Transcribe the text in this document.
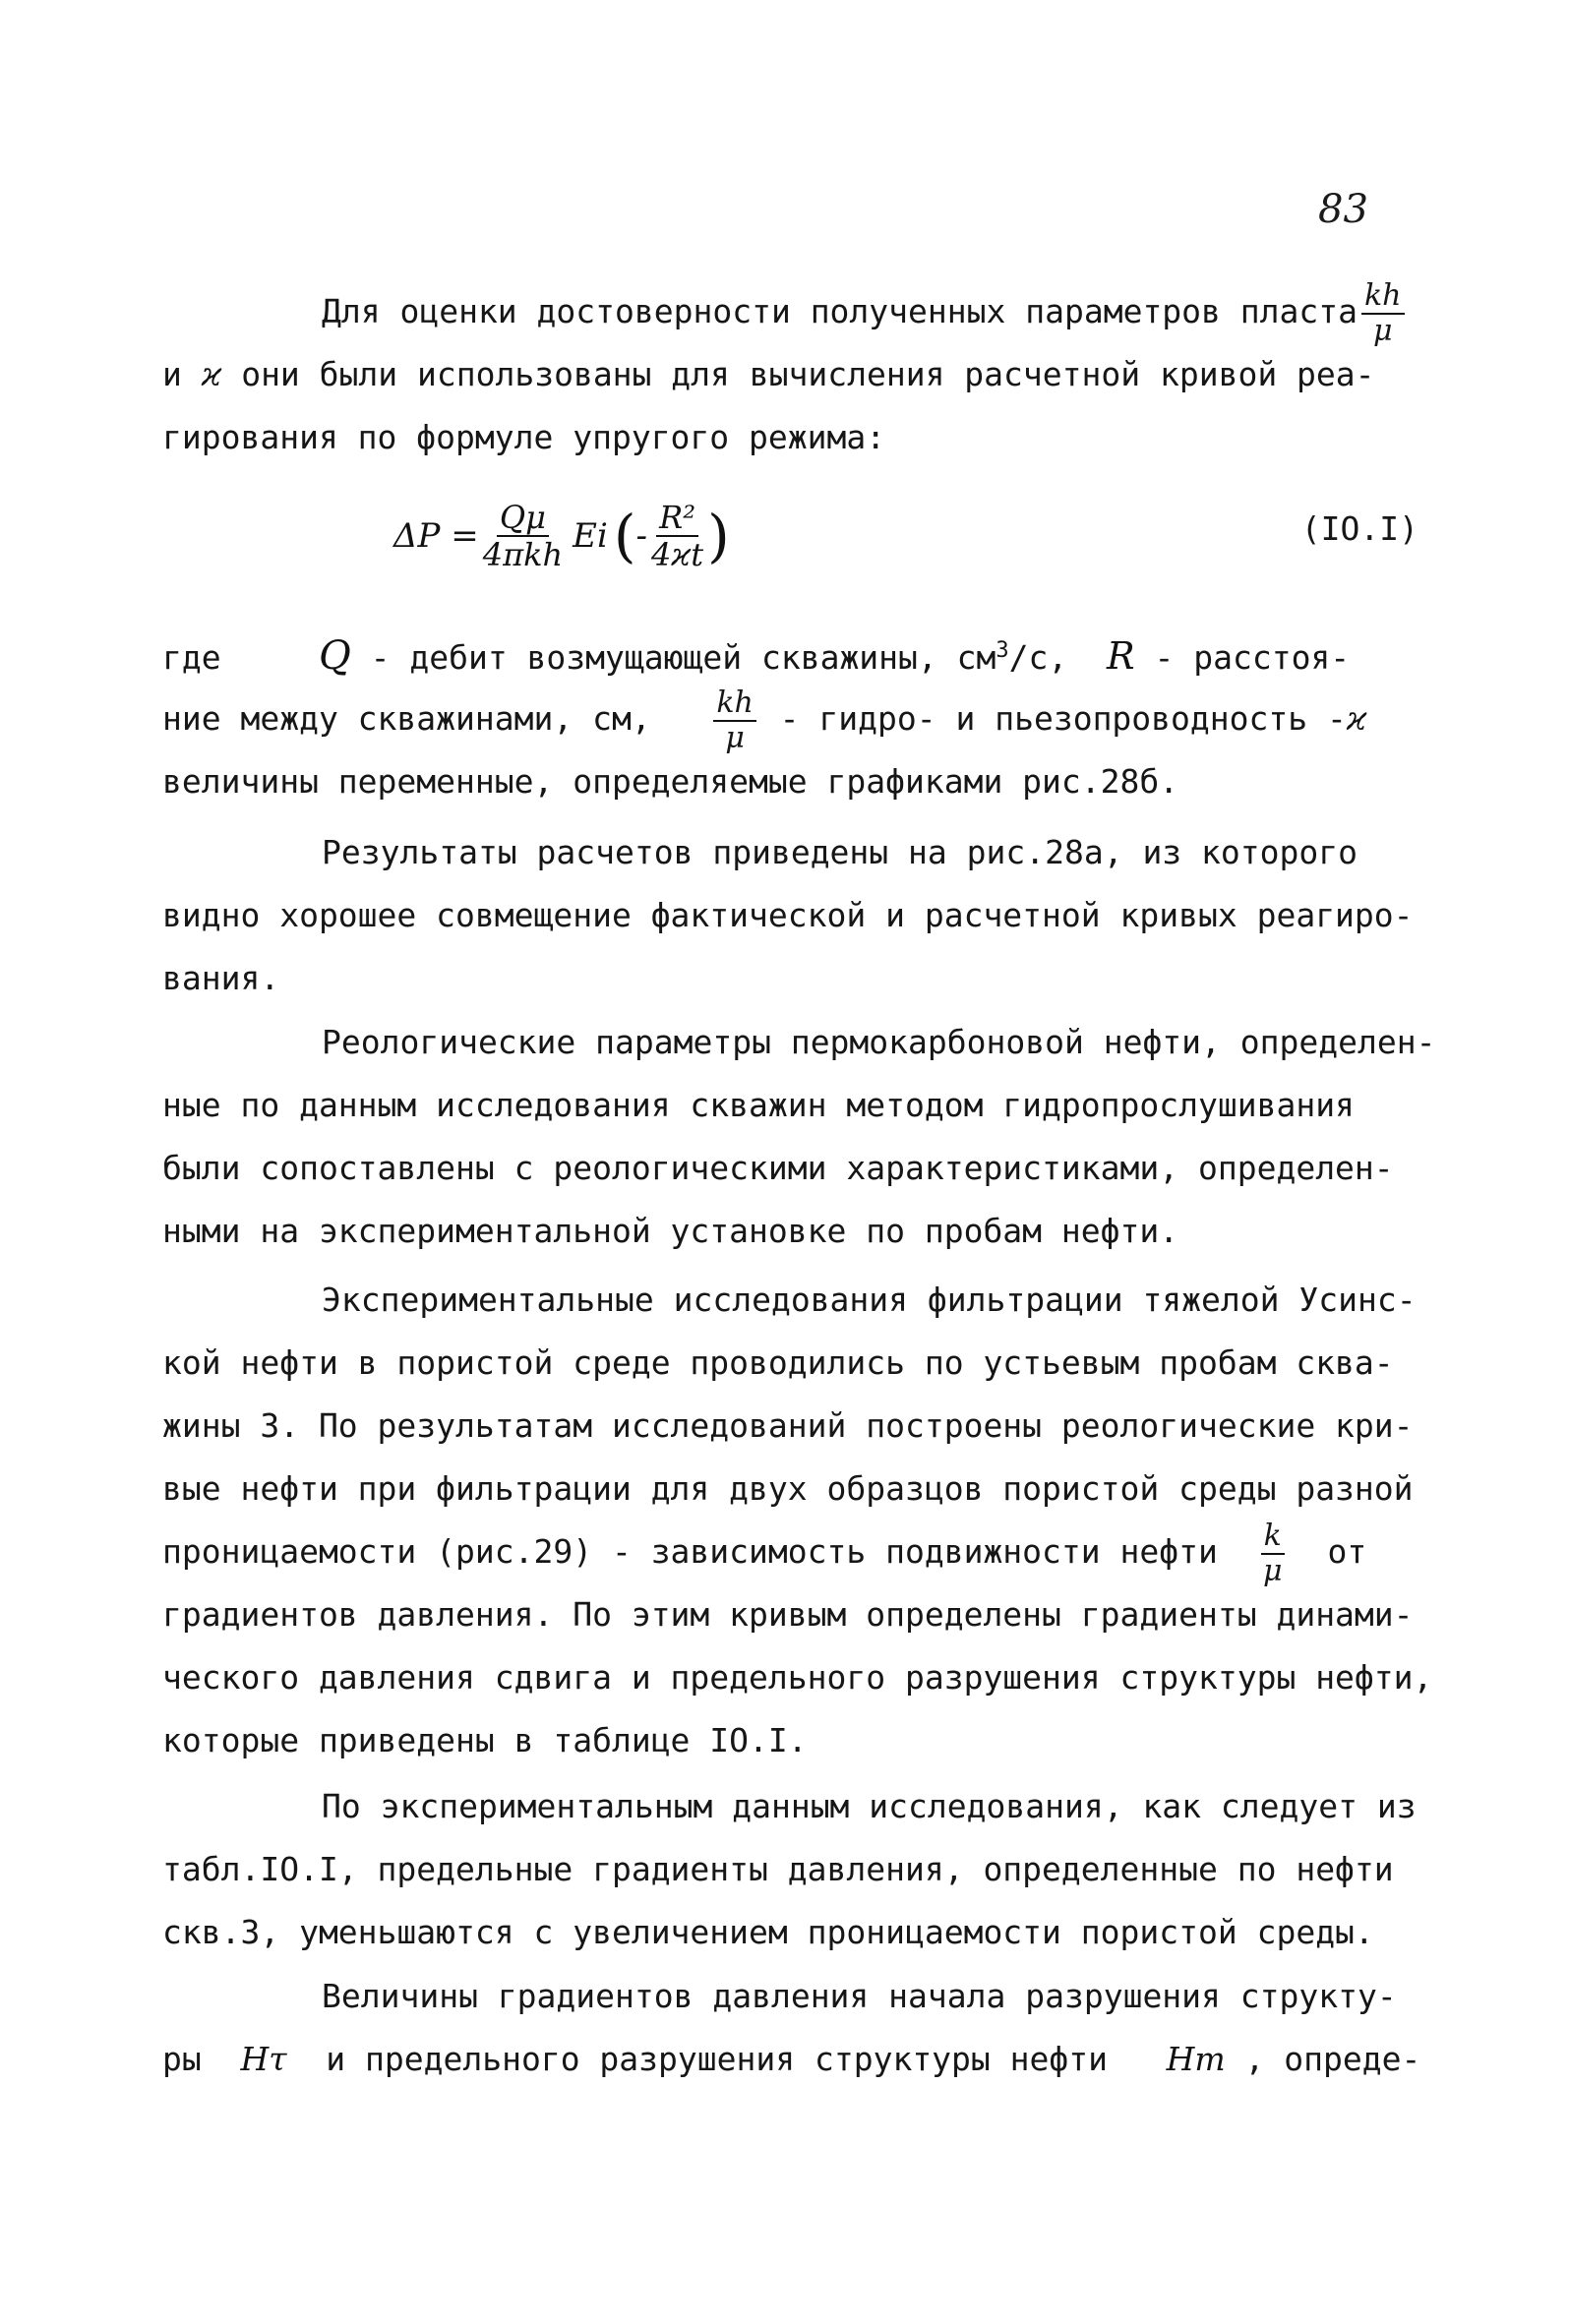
83
Для оценки достоверности полученных параметров пласта $\frac{kh}{\mu}$
и ϰ они были использованы для вычисления расчетной кривой реа-
гирования по формуле упругого режима:
$\Delta P = \frac{Q\mu}{\text{4πkh}}$ Ei ( - $\frac{\text{R²}}{4ϰt}$ )	(IO.I)
где Q - дебит возмущающей скважины, $см^3/с$, R - расстоя-
ние между скважинами, см, $\frac{kh}{\mu}$ - гидро- и пьезопроводность -ϰ
величины переменные, определяемые графиками рис.28б.
Результаты расчетов приведены на рис.28а, из которого
видно хорошее совмещение фактической и расчетной кривых реагиро-
вания.
Реологические параметры пермокарбоновой нефти, определен-
ные по данным исследования скважин методом гидропрослушивания
были сопоставлены с реологическими характеристиками, определен-
ными на экспериментальной установке по пробам нефти.
Экспериментальные исследования фильтрации тяжелой Усинс-
кой нефти в пористой среде проводились по устьевым пробам сква-
жины 3. По результатам исследований построены реологические кри-
вые нефти при фильтрации для двух образцов пористой среды разной
проницаемости (рис.29) - зависимость подвижности нефти $\frac{k}{\mu}$ от
градиентов давления. По этим кривым определены градиенты динами-
ческого давления сдвига и предельного разрушения структуры нефти,
которые приведены в таблице IO.I.
По экспериментальным данным исследования, как следует из
табл.IO.I, предельные градиенты давления, определенные по нефти
скв.3, уменьшаются с увеличением проницаемости пористой среды.
Величины градиентов давления начала разрушения структу-
ры Hτ  и предельного разрушения структуры нефти Hm , опреде-
